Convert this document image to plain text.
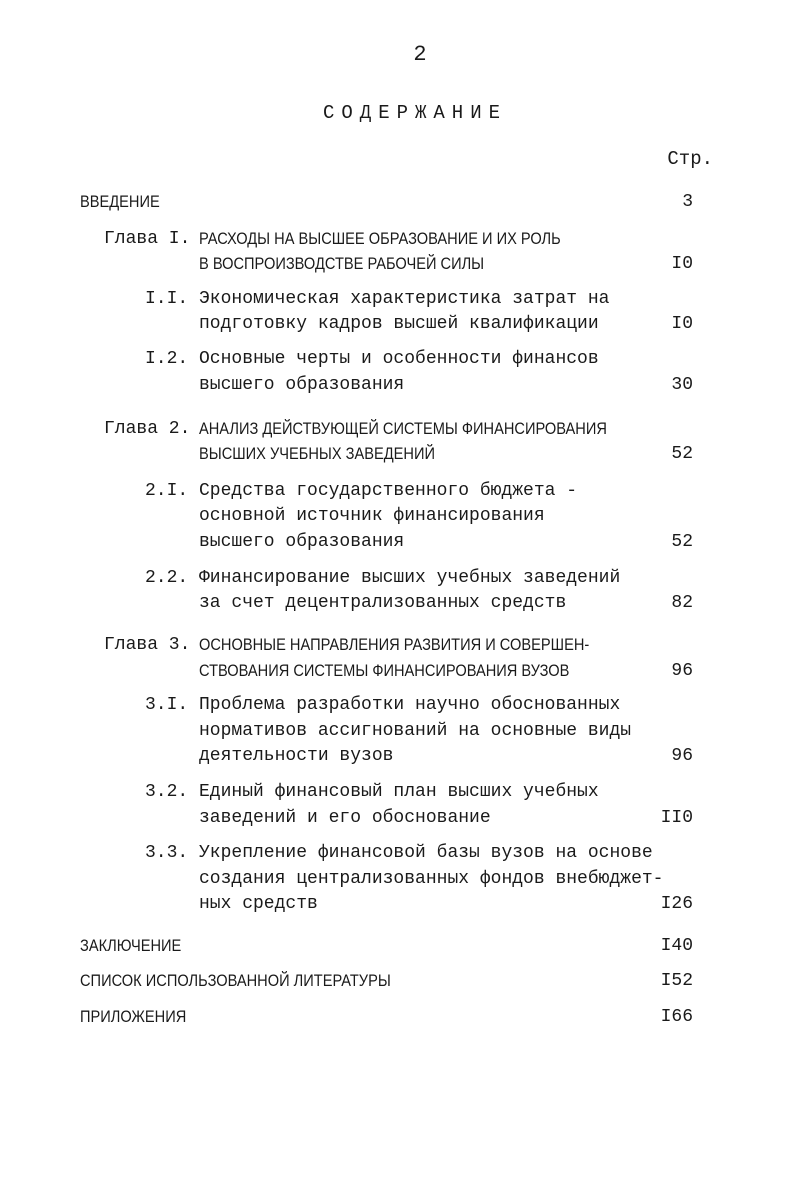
2
СОДЕРЖАНИЕ
Стр.
ВВЕДЕНИЕ	3
Глава I. РАСХОДЫ НА ВЫСШЕЕ ОБРАЗОВАНИЕ И ИХ РОЛЬ
В ВОСПРОИЗВОДСТВЕ РАБОЧЕЙ СИЛЫ	I0
I.I. Экономическая характеристика затрат на
подготовку кадров высшей квалификации	I0
I.2. Основные черты и особенности финансов
высшего образования	30
Глава 2. АНАЛИЗ ДЕЙСТВУЮЩЕЙ СИСТЕМЫ ФИНАНСИРОВАНИЯ
ВЫСШИХ УЧЕБНЫХ ЗАВЕДЕНИЙ	52
2.I. Средства государственного бюджета -
основной источник финансирования
высшего образования	52
2.2. Финансирование высших учебных заведений
за счет децентрализованных средств	82
Глава 3. ОСНОВНЫЕ НАПРАВЛЕНИЯ РАЗВИТИЯ И СОВЕРШЕН-
СТВОВАНИЯ СИСТЕМЫ ФИНАНСИРОВАНИЯ ВУЗОВ	96
3.I. Проблема разработки научно обоснованных
нормативов ассигнований на основные виды
деятельности вузов	96
3.2. Единый финансовый план высших учебных
заведений и его обоснование	II0
3.3. Укрепление финансовой базы вузов на основе
создания централизованных фондов внебюджет-
ных средств	I26
ЗАКЛЮЧЕНИЕ	I40
СПИСОК ИСПОЛЬЗОВАННОЙ ЛИТЕРАТУРЫ	I52
ПРИЛОЖЕНИЯ	I66
